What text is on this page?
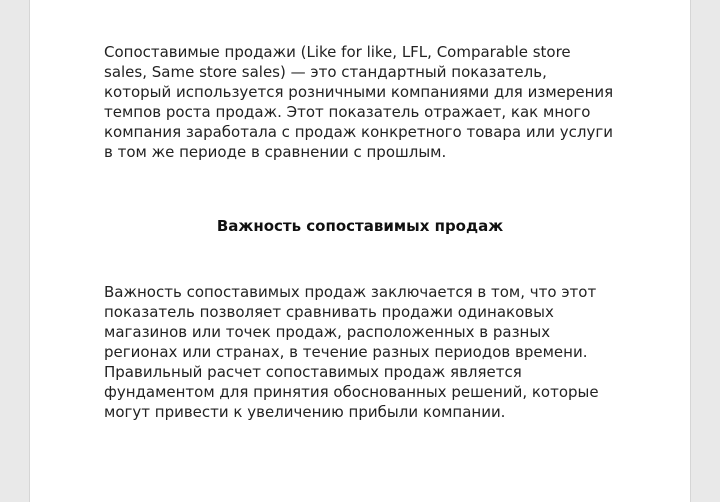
Сопоставимые продажи (Like for like, LFL, Comparable store
sales, Same store sales) — это стандартный показатель,
который используется розничными компаниями для измерения
темпов роста продаж. Этот показатель отражает, как много
компания заработала с продаж конкретного товара или услуги
в том же периоде в сравнении с прошлым.
Важность сопоставимых продаж
Важность сопоставимых продаж заключается в том, что этот
показатель позволяет сравнивать продажи одинаковых
магазинов или точек продаж, расположенных в разных
регионах или странах, в течение разных периодов времени.
Правильный расчет сопоставимых продаж является
фундаментом для принятия обоснованных решений, которые
могут привести к увеличению прибыли компании.
